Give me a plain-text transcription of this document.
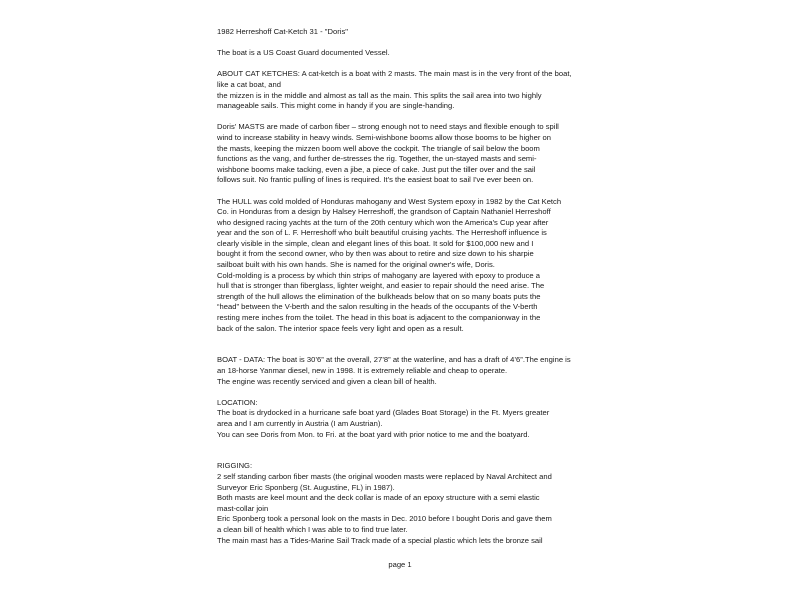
1982 Herreshoff Cat-Ketch 31 - "Doris"
The boat is a US Coast Guard documented Vessel.
ABOUT CAT KETCHES: A cat-ketch is a boat with 2 masts. The main mast is in the very front of the boat,
like a cat boat, and
the mizzen is in the middle and almost as tall as the main. This splits the sail area into two highly
manageable sails. This might come in handy if you are single-handing.
Doris' MASTS are made of carbon fiber – strong enough not to need stays and flexible enough to spill
wind to increase stability in heavy winds. Semi-wishbone booms allow those booms to be higher on
the masts, keeping the mizzen boom well above the cockpit. The triangle of sail below the boom
functions as the vang, and further de-stresses the rig. Together, the un-stayed masts and semi-
wishbone booms make tacking, even a jibe, a piece of cake. Just put the tiller over and the sail
follows suit. No frantic pulling of lines is required. It's the easiest boat to sail I've ever been on.
The HULL was cold molded of Honduras mahogany and West System epoxy in 1982 by the Cat Ketch
Co. in Honduras from a design by Halsey Herreshoff, the grandson of Captain Nathaniel Herreshoff
who designed racing yachts at the turn of the 20th century which won the America's Cup year after
year and the son of L. F. Herreshoff who built beautiful cruising yachts. The Herreshoff influence is
clearly visible in the simple, clean and elegant lines of this boat. It sold for $100,000 new and I
bought it from the second owner, who by then was about to retire and size down to his sharpie
sailboat built with his own hands. She is named for the original owner's wife, Doris.
Cold-molding is a process by which thin strips of mahogany are layered with epoxy to produce a
hull that is stronger than fiberglass, lighter weight, and easier to repair should the need arise. The
strength of the hull allows the elimination of the bulkheads below that on so many boats puts the
“head” between the V-berth and the salon resulting in the heads of the occupants of the V-berth
resting mere inches from the toilet. The head in this boat is adjacent to the companionway in the
back of the salon. The interior space feels very light and open as a result.
BOAT - DATA: The boat is 30’6” at the overall, 27’8” at the waterline, and has a draft of 4’6”.The engine is
an 18-horse Yanmar diesel, new in 1998. It is extremely reliable and cheap to operate.
The engine was recently serviced and given a clean bill of health.
LOCATION:
The boat is drydocked in a hurricane safe boat yard (Glades Boat Storage) in the Ft. Myers greater
area and I am currently in Austria (I am Austrian).
You can see Doris from Mon. to Fri. at the boat yard with prior notice to me and the boatyard.
RIGGING:
2 self standing carbon fiber masts (the original wooden masts were replaced by Naval Architect and
Surveyor Eric Sponberg (St. Augustine, FL) in 1987).
Both masts are keel mount and the deck collar is made of an epoxy structure with a semi elastic
mast-collar join
Eric Sponberg took a personal look on the masts in Dec. 2010 before I bought Doris and gave them
a clean bill of health which I was able to to find true later.
The main mast has a Tides-Marine Sail Track made of a special plastic which lets the bronze sail
page 1
